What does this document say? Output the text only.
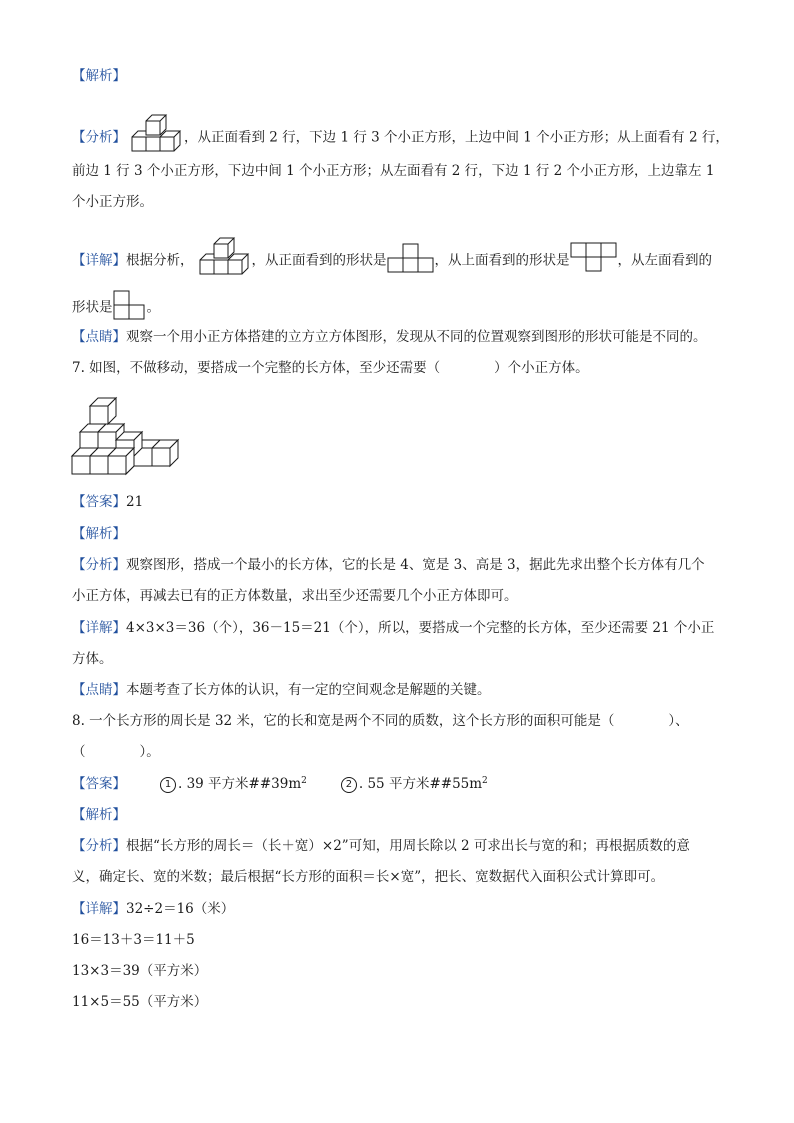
【解析】
【分析】	，从正面看到 2 行，下边 1 行 3 个小正方形，上边中间 1 个小正方形；从上面看有 2 行，
前边 1 行 3 个小正方形，下边中间 1 个小正方形；从左面看有 2 行，下边 1 行 2 个小正方形，上边靠左 1
个小正方形。
【详解】根据分析，	，从正面看到的形状是	，从上面看到的形状是	，从左面看到的
形状是	。
【点睛】观察一个用小正方体搭建的立方立方体图形，发现从不同的位置观察到图形的形状可能是不同的。
7. 如图，不做移动，要搭成一个完整的长方体，至少还需要（　　　　）个小正方体。
【答案】21
【解析】
【分析】观察图形，搭成一个最小的长方体，它的长是 4、宽是 3、高是 3，据此先求出整个长方体有几个
小正方体，再减去已有的正方体数量，求出至少还需要几个小正方体即可。
【详解】4×3×3＝36（个），36－15＝21（个），所以，要搭成一个完整的长方体，至少还需要 21 个小正
方体。
【点睛】本题考查了长方体的认识，有一定的空间观念是解题的关键。
8. 一个长方形的周长是 32 米，它的长和宽是两个不同的质数，这个长方形的面积可能是（　　　　）、
（　　　　）。
【答案】	1 . 39 平方米$\#\#39m^2$	2 . 55 平方米$\#\#55m^2$
【解析】
【分析】根据“长方形的周长＝（长＋宽）×2”可知，用周长除以 2 可求出长与宽的和；再根据质数的意
义，确定长、宽的米数；最后根据“长方形的面积＝长×宽”，把长、宽数据代入面积公式计算即可。
【详解】32÷2＝16（米）
16＝13＋3＝11＋5
13×3＝39（平方米）
11×5＝55（平方米）
